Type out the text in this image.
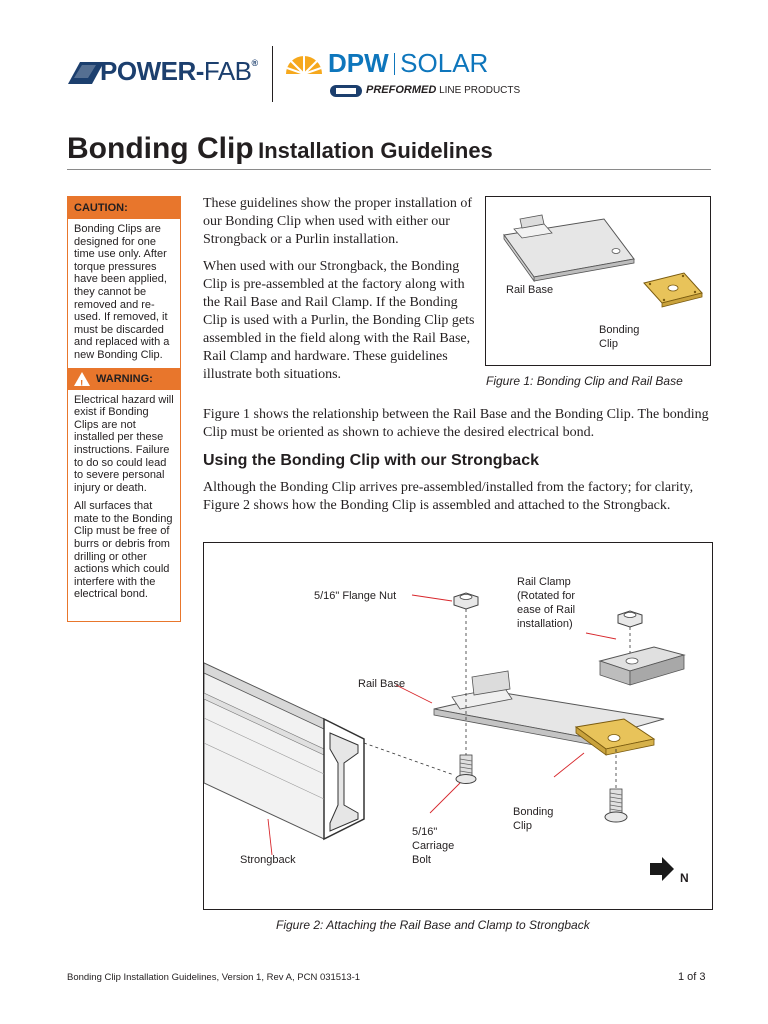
POWER-FAB®	DPW SOLAR
PREFORMED LINE PRODUCTS
Bonding Clip Installation Guidelines
CAUTION:
Bonding Clips are designed for one time use only. After torque pressures have been applied, they cannot be removed and re-used. If removed, it must be discarded and replaced with a new Bonding Clip.
! WARNING:
Electrical hazard will exist if Bonding Clips are not installed per these instructions. Failure to do so could lead to severe personal injury or death.
All surfaces that mate to the Bonding Clip must be free of burrs or debris from drilling or other actions which could interfere with the electrical bond.
These guidelines show the proper installation of our Bonding Clip when used with either our Strongback or a Purlin installation.
When used with our Strongback, the Bonding Clip is pre-assembled at the factory along with the Rail Base and Rail Clamp. If the Bonding Clip is used with a Purlin, the Bonding Clip gets assembled in the field along with the Rail Base, Rail Clamp and hardware. These guidelines illustrate both situations.
Rail Base
Bonding
Clip
Figure 1: Bonding Clip and Rail Base
Figure 1 shows the relationship between the Rail Base and the Bonding Clip. The bonding Clip must be oriented as shown to achieve the desired electrical bond.
Using the Bonding Clip with our Strongback
Although the Bonding Clip arrives pre-assembled/installed from the factory; for clarity, Figure 2 shows how the Bonding Clip is assembled and attached to the Strongback.
5/16" Flange Nut
Rail Clamp
(Rotated for
ease of Rail
installation)
Rail Base
Bonding
Clip
5/16"
Carriage
Bolt
Strongback
N
Figure 2: Attaching the Rail Base and Clamp to Strongback
Bonding Clip Installation Guidelines, Version 1, Rev A, PCN 031513-1	1 of 3
